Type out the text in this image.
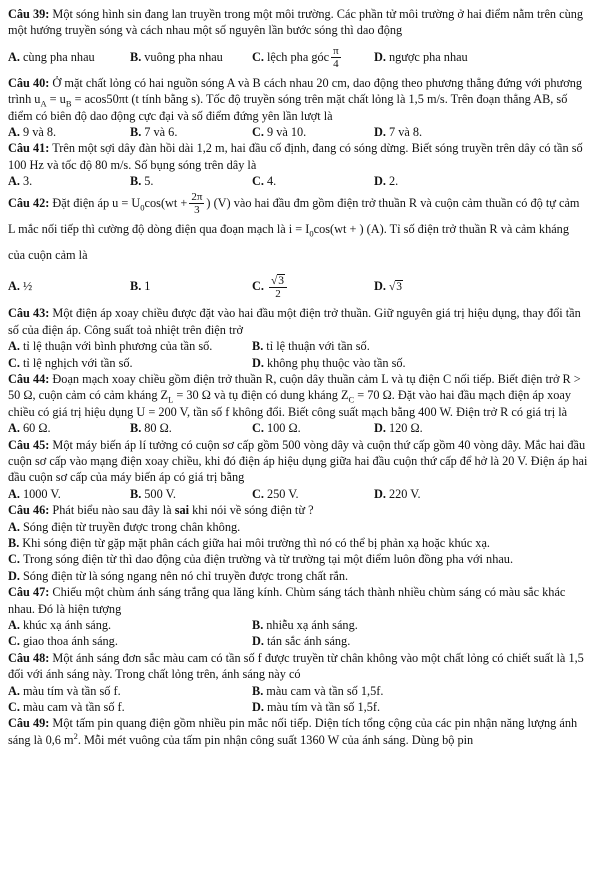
Câu 39: Một sóng hình sin đang lan truyền trong một môi trường. Các phần tử môi trường ở hai điểm nằm trên cùng một hướng truyền sóng và cách nhau một số nguyên lần bước sóng thì dao động

A. cùng pha nhau	B. vuông pha nhau	C. lệch pha góc $\frac{\pi}{4}$	D. ngược pha nhau

Câu 40: Ở mặt chất lỏng có hai nguồn sóng A và B cách nhau 20 cm, dao động theo phương thẳng đứng với phương trình $u_A = u_B = acos50\pi t$ (t tính bằng s). Tốc độ truyền sóng trên mặt chất lỏng là 1,5 m/s. Trên đoạn thẳng AB, số điểm có biên độ dao động cực đại và số điểm đứng yên lần lượt là

A. 9 và 8.	B. 7 và 6.	C. 9 và 10.	D. 7 và 8.

Câu 41: Trên một sợi dây đàn hồi dài 1,2 m, hai đầu cố định, đang có sóng dừng. Biết sóng truyền trên dây có tần số 100 Hz và tốc độ 80 m/s. Số bụng sóng trên dây là

A. 3.	B. 5.	C. 4.	D. 2.

Câu 42: Đặt điện áp $u = U_0\cos(wt + \frac{2\pi}{3}$ ) (V) vào hai đầu đm gồm điện trở thuần R và cuộn cảm thuần có độ tự cảm L mắc nối tiếp thì cường độ dòng điện qua đoạn mạch là $i = I_0\cos(wt$ + ) (A). Tỉ số điện trở thuần R và cảm kháng của cuộn cảm là

A. ½	B. 1	C. $\frac{√3}{2}$	D. √3

Câu 43: Một điện áp xoay chiều được đặt vào hai đầu một điện trở thuần. Giữ nguyên giá trị hiệu dụng, thay đổi tần số của điện áp. Công suất toả nhiệt trên điện trở

A. tỉ lệ thuận với bình phương của tần số.	B. tỉ lệ thuận với tần số.
C. tỉ lệ nghịch với tần số.	D. không phụ thuộc vào tần số.

Câu 44: Đoạn mạch xoay chiều gồm điện trở thuần R, cuộn dây thuần cảm L và tụ điện C nối tiếp. Biết điện trở R > 50 Ω, cuộn cảm có cảm kháng $Z_L = 30$ Ω và tụ điện có dung kháng $Z_C = 70$ Ω. Đặt vào hai đầu mạch điện áp xoay chiều có giá trị hiệu dụng U = 200 V, tần số f không đổi. Biết công suất mạch bằng 400 W. Điện trở R có giá trị là

A. 60 Ω.	B. 80 Ω.	C. 100 Ω.	D. 120 Ω.

Câu 45: Một máy biến áp lí tưởng có cuộn sơ cấp gồm 500 vòng dây và cuộn thứ cấp gồm 40 vòng dây. Mắc hai đầu cuộn sơ cấp vào mạng điện xoay chiều, khi đó điện áp hiệu dụng giữa hai đầu cuộn thứ cấp để hở là 20 V. Điện áp hai đầu cuộn sơ cấp của máy biến áp có giá trị bằng

A. 1000 V.	B. 500 V.	C. 250 V.	D. 220 V.

Câu 46: Phát biểu nào sau đây là sai khi nói về sóng điện từ ?

A. Sóng điện từ truyền được trong chân không.
B. Khi sóng điện từ gặp mặt phân cách giữa hai môi trường thì nó có thể bị phản xạ hoặc khúc xạ.
C. Trong sóng điện từ thì dao động của điện trường và từ trường tại một điểm luôn đồng pha với nhau.
D. Sóng điện từ là sóng ngang nên nó chỉ truyền được trong chất rắn.

Câu 47: Chiếu một chùm ánh sáng trắng qua lăng kính. Chùm sáng tách thành nhiều chùm sáng có màu sắc khác nhau. Đó là hiện tượng

A. khúc xạ ánh sáng.	B. nhiễu xạ ánh sáng.
C. giao thoa ánh sáng.	D. tán sắc ánh sáng.

Câu 48: Một ánh sáng đơn sắc màu cam có tần số f được truyền từ chân không vào một chất lỏng có chiết suất là 1,5 đối với ánh sáng này. Trong chất lỏng trên, ánh sáng này có

A. màu tím và tần số f.	B. màu cam và tần số 1,5f.
C. màu cam và tần số f.	D. màu tím và tần số 1,5f.

Câu 49: Một tấm pin quang điện gồm nhiều pin mắc nối tiếp. Diện tích tổng cộng của các pin nhận năng lượng ánh sáng là 0,6 $m^2$. Mỗi mét vuông của tấm pin nhận công suất 1360 W của ánh sáng. Dùng bộ pin
